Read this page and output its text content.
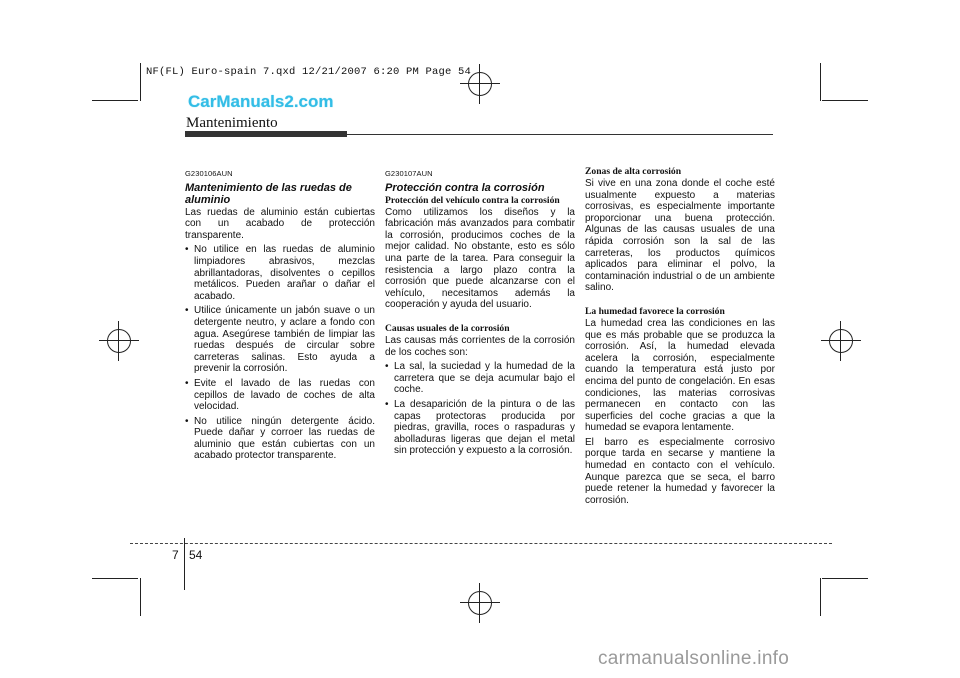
NF(FL) Euro-spain 7.qxd 12/21/2007 6:20 PM Page 54
CarManuals2.com
Mantenimiento
G230106AUN
Mantenimiento de las ruedas de aluminio
Las ruedas de aluminio están cubiertas con un acabado de protección transparente.
• No utilice en las ruedas de aluminio limpiadores abrasivos, mezclas abrillantadoras, disolventes o cepillos metálicos. Pueden arañar o dañar el acabado.
• Utilice únicamente un jabón suave o un detergente neutro, y aclare a fondo con agua. Asegúrese también de limpiar las ruedas después de circular sobre carreteras salinas. Esto ayuda a prevenir la corrosión.
• Evite el lavado de las ruedas con cepillos de lavado de coches de alta velocidad.
• No utilice ningún detergente ácido. Puede dañar y corroer las ruedas de aluminio que están cubiertas con un acabado protector transparente.
G230107AUN
Protección contra la corrosión
Protección del vehículo contra la corrosión
Como utilizamos los diseños y la fabricación más avanzados para combatir la corrosión, producimos coches de la mejor calidad. No obstante, esto es sólo una parte de la tarea. Para conseguir la resistencia a largo plazo contra la corrosión que puede alcanzarse con el vehículo, necesitamos además la cooperación y ayuda del usuario.
Causas usuales de la corrosión
Las causas más corrientes de la corrosión de los coches son:
• La sal, la suciedad y la humedad de la carretera que se deja acumular bajo el coche.
• La desaparición de la pintura o de las capas protectoras producida por piedras, gravilla, roces o raspaduras y abolladuras ligeras que dejan el metal sin protección y expuesto a la corrosión.
Zonas de alta corrosión
Si vive en una zona donde el coche esté usualmente expuesto a materias corrosivas, es especialmente importante proporcionar una buena protección. Algunas de las causas usuales de una rápida corrosión son la sal de las carreteras, los productos químicos aplicados para eliminar el polvo, la contaminación industrial o de un ambiente salino.
La humedad favorece la corrosión
La humedad crea las condiciones en las que es más probable que se produzca la corrosión. Así, la humedad elevada acelera la corrosión, especialmente cuando la temperatura está justo por encima del punto de congelación. En esas condiciones, las materias corrosivas permanecen en contacto con las superficies del coche gracias a que la humedad se evapora lentamente.
El barro es especialmente corrosivo porque tarda en secarse y mantiene la humedad en contacto con el vehículo. Aunque parezca que se seca, el barro puede retener la humedad y favorecer la corrosión.
7 54
carmanualsonline.info
